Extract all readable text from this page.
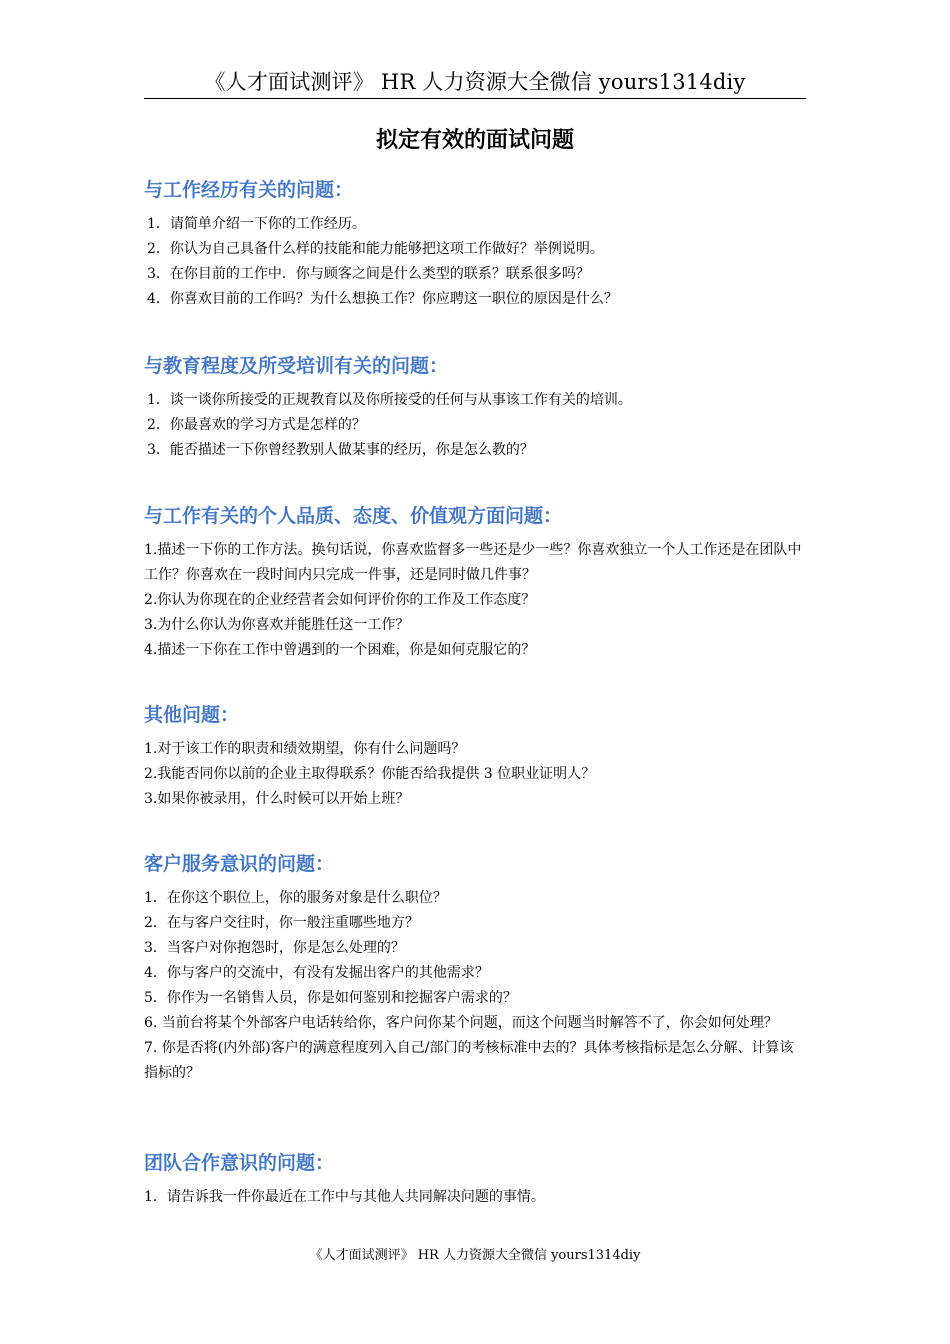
《人才面试测评》 HR 人力资源大全微信 yours1314diy
拟定有效的面试问题
与工作经历有关的问题：
1．请简单介绍一下你的工作经历。
2．你认为自己具备什么样的技能和能力能够把这项工作做好？举例说明。
3．在你目前的工作中．你与顾客之间是什么类型的联系？联系很多吗？
4．你喜欢目前的工作吗？为什么想换工作？你应聘这一职位的原因是什么？
与教育程度及所受培训有关的问题：
1．谈一谈你所接受的正规教育以及你所接受的任何与从事该工作有关的培训。
2．你最喜欢的学习方式是怎样的？
3．能否描述一下你曾经教别人做某事的经历，你是怎么教的？
与工作有关的个人品质、态度、价值观方面问题：
1.描述一下你的工作方法。换句话说，你喜欢监督多一些还是少一些？你喜欢独立一个人工作还是在团队中工作？你喜欢在一段时间内只完成一件事，还是同时做几件事？
2.你认为你现在的企业经营者会如何评价你的工作及工作态度？
3.为什么你认为你喜欢并能胜任这一工作？
4.描述一下你在工作中曾遇到的一个困难，你是如何克服它的？
其他问题：
1.对于该工作的职责和绩效期望，你有什么问题吗？
2.我能否同你以前的企业主取得联系？你能否给我提供 3 位职业证明人？
3.如果你被录用，什么时候可以开始上班？
客户服务意识的问题：
1．在你这个职位上，你的服务对象是什么职位？
2．在与客户交往时，你一般注重哪些地方？
3．当客户对你抱怨时，你是怎么处理的？
4．你与客户的交流中，有没有发掘出客户的其他需求？
5．你作为一名销售人员，你是如何鉴别和挖掘客户需求的？
6. 当前台将某个外部客户电话转给你，客户问你某个问题，而这个问题当时解答不了，你会如何处理？
7. 你是否将(内外部)客户的满意程度列入自己/部门的考核标准中去的？具体考核指标是怎么分解、计算该指标的？
团队合作意识的问题：
1．请告诉我一件你最近在工作中与其他人共同解决问题的事情。
《人才面试测评》 HR 人力资源大全微信 yours1314diy
